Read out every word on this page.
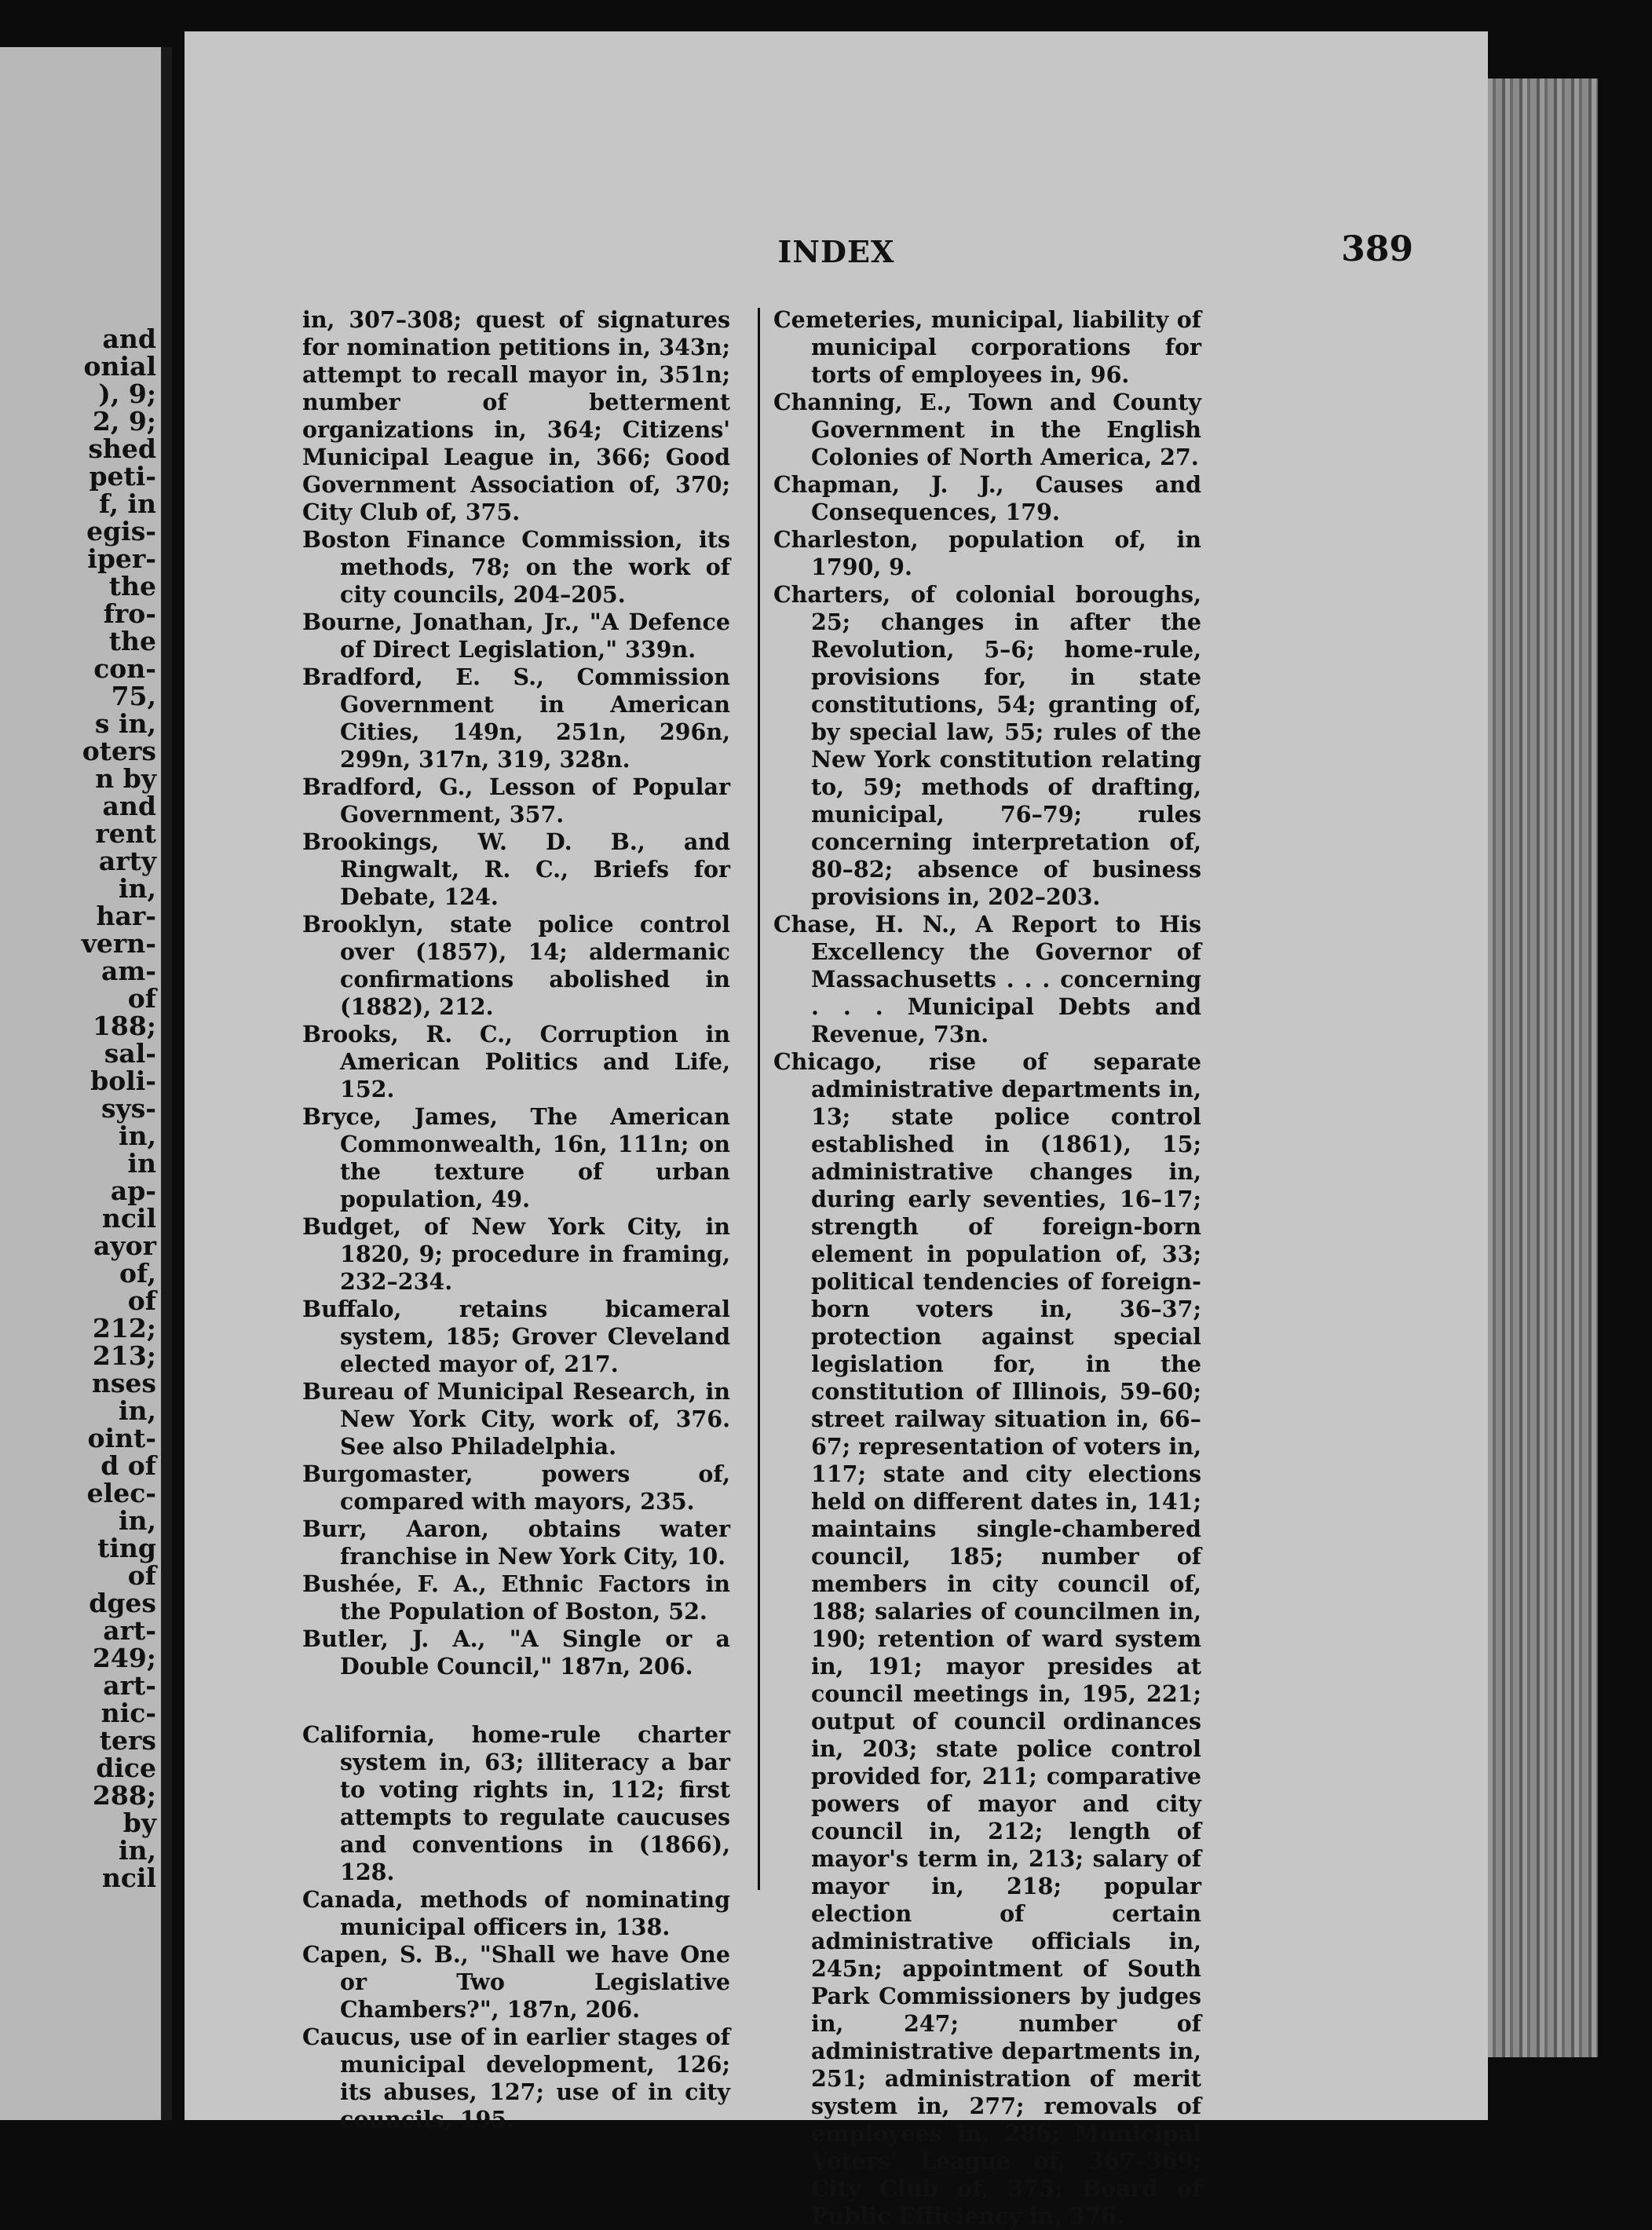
and
onial
), 9;
2, 9;
shed
peti-
f, in
egis-
iper-
the
fro-
the
con-
75,
s in,
oters
n by
and
rent
arty
in,
har-
vern-
am-
of
188;
sal-
boli-
sys-
in,
in
ap-
ncil
ayor
of,
of
212;
213;
nses
in,
oint-
d of
elec-
in,
ting
of
dges
art-
249;
art-
nic-
ters
dice
288;
by
in,
ncil
INDEX	389

in, 307–308; quest of signatures for nomination petitions in, 343n; attempt to recall mayor in, 351n; number of betterment organizations in, 364; Citizens' Municipal League in, 366; Good Government Association of, 370; City Club of, 375.

Boston Finance Commission, its methods, 78; on the work of city councils, 204–205.

Bourne, Jonathan, Jr., "A Defence of Direct Legislation," 339n.

Bradford, E. S., Commission Government in American Cities, 149n, 251n, 296n, 299n, 317n, 319, 328n.

Bradford, G., Lesson of Popular Government, 357.

Brookings, W. D. B., and Ringwalt, R. C., Briefs for Debate, 124.

Brooklyn, state police control over (1857), 14; aldermanic confirmations abolished in (1882), 212.

Brooks, R. C., Corruption in American Politics and Life, 152.

Bryce, James, The American Commonwealth, 16n, 111n; on the texture of urban population, 49.

Budget, of New York City, in 1820, 9; procedure in framing, 232–234.

Buffalo, retains bicameral system, 185; Grover Cleveland elected mayor of, 217.

Bureau of Municipal Research, in New York City, work of, 376. See also Philadelphia.

Burgomaster, powers of, compared with mayors, 235.

Burr, Aaron, obtains water franchise in New York City, 10.

Bushée, F. A., Ethnic Factors in the Population of Boston, 52.

Butler, J. A., "A Single or a Double Council," 187n, 206.

California, home-rule charter system in, 63; illiteracy a bar to voting rights in, 112; first attempts to regulate caucuses and conventions in (1866), 128.

Canada, methods of nominating municipal officers in, 138.

Capen, S. B., "Shall we have One or Two Legislative Chambers?", 187n, 206.

Caucus, use of in earlier stages of municipal development, 126; its abuses, 127; use of in city councils, 195.

Cemeteries, municipal, liability of municipal corporations for torts of employees in, 96.

Channing, E., Town and County Government in the English Colonies of North America, 27.

Chapman, J. J., Causes and Consequences, 179.

Charleston, population of, in 1790, 9.

Charters, of colonial boroughs, 25; changes in after the Revolution, 5–6; home-rule, provisions for, in state constitutions, 54; granting of, by special law, 55; rules of the New York constitution relating to, 59; methods of drafting, municipal, 76–79; rules concerning interpretation of, 80–82; absence of business provisions in, 202–203.

Chase, H. N., A Report to His Excellency the Governor of Massachusetts . . . concerning . . . Municipal Debts and Revenue, 73n.

Chicago, rise of separate administrative departments in, 13; state police control established in (1861), 15; administrative changes in, during early seventies, 16–17; strength of foreign-born element in population of, 33; political tendencies of foreign-born voters in, 36–37; protection against special legislation for, in the constitution of Illinois, 59–60; street railway situation in, 66–67; representation of voters in, 117; state and city elections held on different dates in, 141; maintains single-chambered council, 185; number of members in city council of, 188; salaries of councilmen in, 190; retention of ward system in, 191; mayor presides at council meetings in, 195, 221; output of council ordinances in, 203; state police control provided for, 211; comparative powers of mayor and city council in, 212; length of mayor's term in, 213; salary of mayor in, 218; popular election of certain administrative officials in, 245n; appointment of South Park Commissioners by judges in, 247; number of administrative departments in, 251; administration of merit system in, 277; removals of employees in, 286; Municipal Voters' League of, 367–369; City Club of, 375; Board of Public Efficiency in, 376.
